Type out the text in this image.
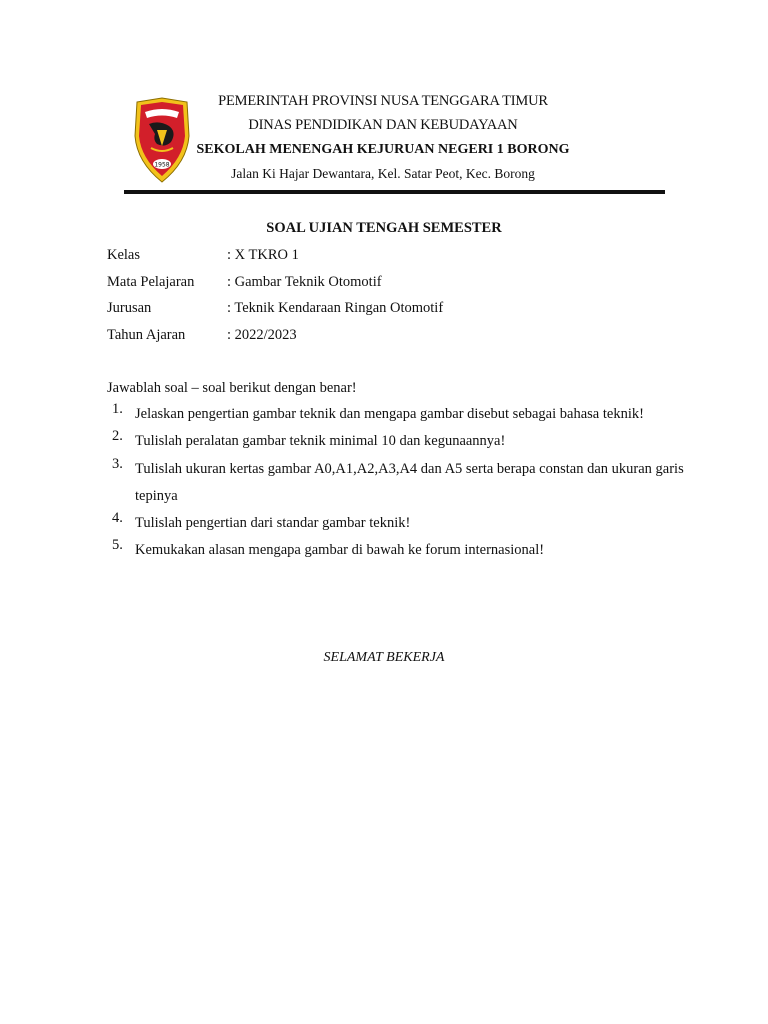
1958
PEMERINTAH PROVINSI NUSA TENGGARA TIMUR
DINAS PENDIDIKAN DAN KEBUDAYAAN
SEKOLAH MENENGAH KEJURUAN NEGERI 1 BORONG
Jalan Ki Hajar Dewantara, Kel. Satar Peot, Kec. Borong
SOAL UJIAN TENGAH SEMESTER
Kelas	: X TKRO 1
Mata Pelajaran	: Gambar Teknik Otomotif
Jurusan	: Teknik Kendaraan Ringan Otomotif
Tahun Ajaran	: 2022/2023
Jawablah soal – soal berikut dengan benar!
1. Jelaskan pengertian gambar teknik dan mengapa gambar disebut sebagai bahasa teknik!
2. Tulislah peralatan gambar teknik minimal 10 dan kegunaannya!
3. Tulislah ukuran kertas gambar A0,A1,A2,A3,A4 dan A5 serta berapa constan dan ukuran garis tepinya
4. Tulislah pengertian dari standar gambar teknik!
5. Kemukakan alasan mengapa gambar di bawah ke forum internasional!
SELAMAT BEKERJA
